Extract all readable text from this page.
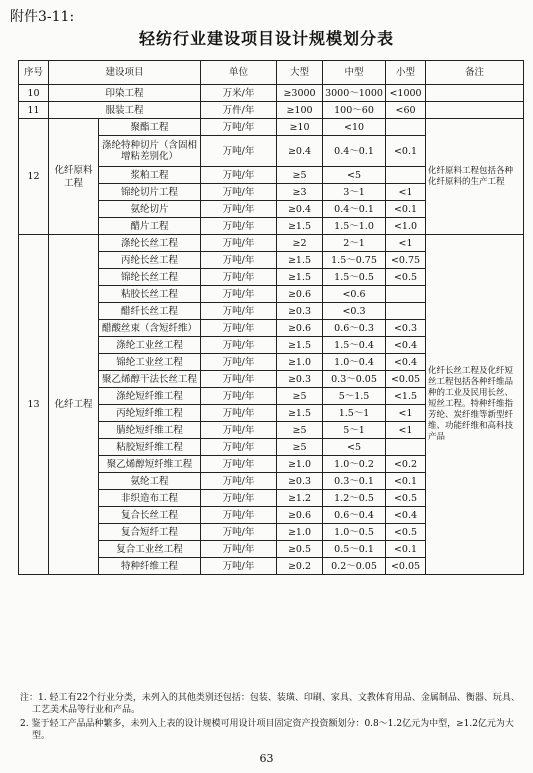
附件3-11:
轻纺行业建设项目设计规模划分表
序号	建设项目		单位	大型	中型	小型	备注
10	印染工程		万米/年	≥3000	3000～1000	<1000	
11	服装工程		万件/年	≥100	100～60	<60	
12	化纤原料工程	聚酯工程	万吨/年	≥10	<10		化纤原料工程包括各种化纤原料的生产工程
		涤纶特种切片（含固相增粘差别化）	万吨/年	≥0.4	0.4～0.1	<0.1	
		浆粕工程	万吨/年	≥5	<5		
		锦纶切片工程	万吨/年	≥3	3～1	<1	
		氨纶切片	万吨/年	≥0.4	0.4～0.1	<0.1	
		醋片工程	万吨/年	≥1.5	1.5～1.0	<1.0	
13	化纤工程	涤纶长丝工程	万吨/年	≥2	2～1	<1	化纤长丝工程及化纤短丝工程包括各种纤维品种的工业及民用长丝、短丝工程。特种纤维指芳纶、炭纤维等新型纤维、功能纤维和高科技产品
		丙纶长丝工程	万吨/年	≥1.5	1.5～0.75	<0.75	
		锦纶长丝工程	万吨/年	≥1.5	1.5～0.5	<0.5	
		粘胶长丝工程	万吨/年	≥0.6	<0.6		
		醋纤长丝工程	万吨/年	≥0.3	<0.3		
		醋酸丝束（含短纤维）	万吨/年	≥0.6	0.6～0.3	<0.3	
		涤纶工业丝工程	万吨/年	≥1.5	1.5～0.4	<0.4	
		锦纶工业丝工程	万吨/年	≥1.0	1.0～0.4	<0.4	
		聚乙烯醇干法长丝工程	万吨/年	≥0.3	0.3～0.05	<0.05	
		涤纶短纤维工程	万吨/年	≥5	5～1.5	<1.5	
		丙纶短纤维工程	万吨/年	≥1.5	1.5～1	<1	
		腈纶短纤维工程	万吨/年	≥5	5～1	<1	
		粘胶短纤维工程	万吨/年	≥5	<5		
		聚乙烯醇短纤维工程	万吨/年	≥1.0	1.0～0.2	<0.2	
		氨纶工程	万吨/年	≥0.3	0.3～0.1	<0.1	
		非织造布工程	万吨/年	≥1.2	1.2～0.5	<0.5	
		复合长丝工程	万吨/年	≥0.6	0.6～0.4	<0.4	
		复合短纤工程	万吨/年	≥1.0	1.0～0.5	<0.5	
		复合工业丝工程	万吨/年	≥0.5	0.5～0.1	<0.1	
		特种纤维工程	万吨/年	≥0.2	0.2～0.05	<0.05	

注：1. 轻工有22个行业分类，未列入的其他类别还包括：包装、装璜、印刷、家具、文教体育用品、金属制品、衡器、玩具、工艺美术品等行业和产品。

2. 鉴于轻工产品品种繁多，未列入上表的设计规模可用设计项目固定资产投资额划分：0.8～1.2亿元为中型，≥1.2亿元为大型。

63
